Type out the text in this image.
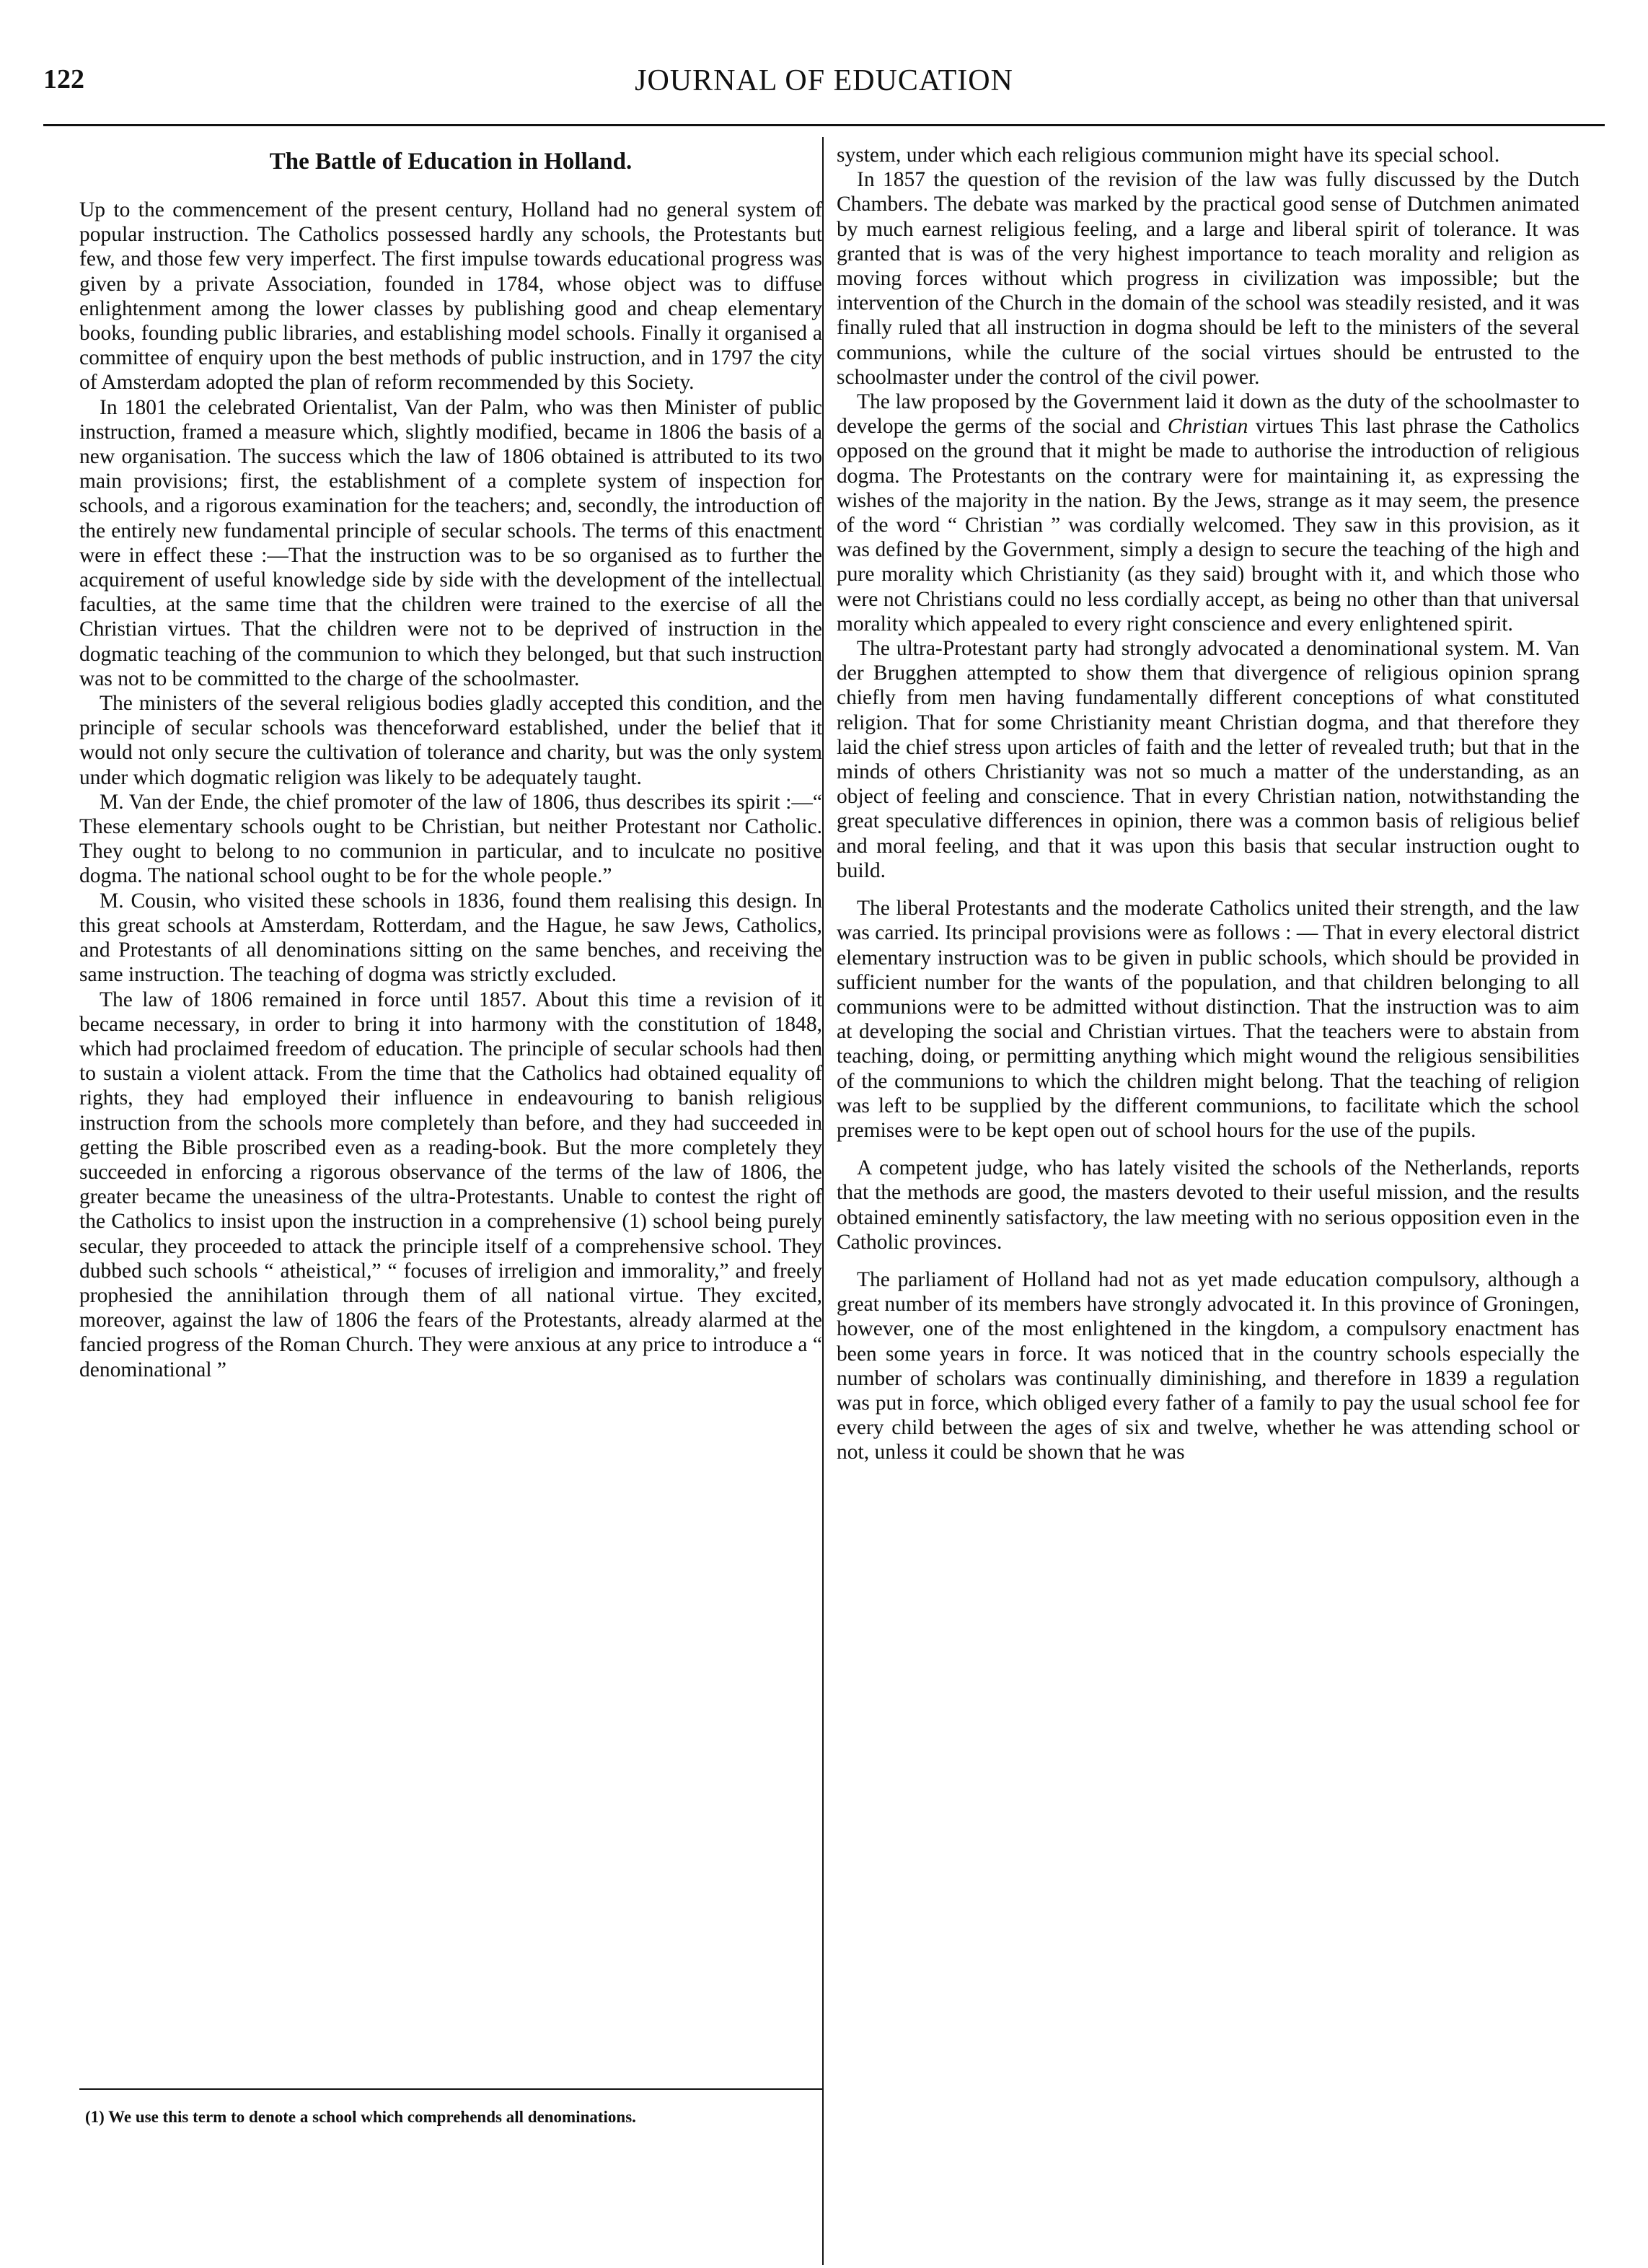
122	JOURNAL OF EDUCATION
The Battle of Education in Holland.

Up to the commencement of the present century, Holland had no general system of popular instruction. The Catholics possessed hardly any schools, the Protestants but few, and those few very imperfect. The first impulse towards educational progress was given by a private Association, founded in 1784, whose object was to diffuse enlightenment among the lower classes by publishing good and cheap elementary books, founding public libraries, and establishing model schools. Finally it organised a committee of enquiry upon the best methods of public instruction, and in 1797 the city of Amsterdam adopted the plan of reform recommended by this Society.

In 1801 the celebrated Orientalist, Van der Palm, who was then Minister of public instruction, framed a measure which, slightly modified, became in 1806 the basis of a new organisation. The success which the law of 1806 obtained is attributed to its two main provisions; first, the establishment of a complete system of inspection for schools, and a rigorous examination for the teachers; and, secondly, the introduction of the entirely new fundamental principle of secular schools. The terms of this enactment were in effect these :—That the instruction was to be so organised as to further the acquirement of useful knowledge side by side with the development of the intellectual faculties, at the same time that the children were trained to the exercise of all the Christian virtues. That the children were not to be deprived of instruction in the dogmatic teaching of the communion to which they belonged, but that such instruction was not to be committed to the charge of the schoolmaster.

The ministers of the several religious bodies gladly accepted this condition, and the principle of secular schools was thenceforward established, under the belief that it would not only secure the cultivation of tolerance and charity, but was the only system under which dogmatic religion was likely to be adequately taught.

M. Van der Ende, the chief promoter of the law of 1806, thus describes its spirit :—“ These elementary schools ought to be Christian, but neither Protestant nor Catholic. They ought to belong to no communion in particular, and to inculcate no positive dogma. The national school ought to be for the whole people.”

M. Cousin, who visited these schools in 1836, found them realising this design. In this great schools at Amsterdam, Rotterdam, and the Hague, he saw Jews, Catholics, and Protestants of all denominations sitting on the same benches, and receiving the same instruction. The teaching of dogma was strictly excluded.

The law of 1806 remained in force until 1857. About this time a revision of it became necessary, in order to bring it into harmony with the constitution of 1848, which had proclaimed freedom of education. The principle of secular schools had then to sustain a violent attack. From the time that the Catholics had obtained equality of rights, they had employed their influence in endeavouring to banish religious instruction from the schools more completely than before, and they had succeeded in getting the Bible proscribed even as a reading-book. But the more completely they succeeded in enforcing a rigorous observance of the terms of the law of 1806, the greater became the uneasiness of the ultra-Protestants. Unable to contest the right of the Catholics to insist upon the instruction in a comprehensive (1) school being purely secular, they proceeded to attack the principle itself of a comprehensive school. They dubbed such schools “ atheistical,” “ focuses of irreligion and immorality,” and freely prophesied the annihilation through them of all national virtue. They excited, moreover, against the law of 1806 the fears of the Protestants, already alarmed at the fancied progress of the Roman Church. They were anxious at any price to introduce a “ denominational ”

system, under which each religious communion might have its special school.

In 1857 the question of the revision of the law was fully discussed by the Dutch Chambers. The debate was marked by the practical good sense of Dutchmen animated by much earnest religious feeling, and a large and liberal spirit of tolerance. It was granted that is was of the very highest importance to teach morality and religion as moving forces without which progress in civilization was impossible; but the intervention of the Church in the domain of the school was steadily resisted, and it was finally ruled that all instruction in dogma should be left to the ministers of the several communions, while the culture of the social virtues should be entrusted to the schoolmaster under the control of the civil power.

The law proposed by the Government laid it down as the duty of the schoolmaster to develope the germs of the social and Christian virtues This last phrase the Catholics opposed on the ground that it might be made to authorise the introduction of religious dogma. The Protestants on the contrary were for maintaining it, as expressing the wishes of the majority in the nation. By the Jews, strange as it may seem, the presence of the word “ Christian ” was cordially welcomed. They saw in this provision, as it was defined by the Government, simply a design to secure the teaching of the high and pure morality which Christianity (as they said) brought with it, and which those who were not Christians could no less cordially accept, as being no other than that universal morality which appealed to every right conscience and every enlightened spirit.

The ultra-Protestant party had strongly advocated a denominational system. M. Van der Brugghen attempted to show them that divergence of religious opinion sprang chiefly from men having fundamentally different conceptions of what constituted religion. That for some Christianity meant Christian dogma, and that therefore they laid the chief stress upon articles of faith and the letter of revealed truth; but that in the minds of others Christianity was not so much a matter of the understanding, as an object of feeling and conscience. That in every Christian nation, notwithstanding the great speculative differences in opinion, there was a common basis of religious belief and moral feeling, and that it was upon this basis that secular instruction ought to build.

The liberal Protestants and the moderate Catholics united their strength, and the law was carried. Its principal provisions were as follows : — That in every electoral district elementary instruction was to be given in public schools, which should be provided in sufficient number for the wants of the population, and that children belonging to all communions were to be admitted without distinction. That the instruction was to aim at developing the social and Christian virtues. That the teachers were to abstain from teaching, doing, or permitting anything which might wound the religious sensibilities of the communions to which the children might belong. That the teaching of religion was left to be supplied by the different communions, to facilitate which the school premises were to be kept open out of school hours for the use of the pupils.

A competent judge, who has lately visited the schools of the Netherlands, reports that the methods are good, the masters devoted to their useful mission, and the results obtained eminently satisfactory, the law meeting with no serious opposition even in the Catholic provinces.

The parliament of Holland had not as yet made education compulsory, although a great number of its members have strongly advocated it. In this province of Groningen, however, one of the most enlightened in the kingdom, a compulsory enactment has been some years in force. It was noticed that in the country schools especially the number of scholars was continually diminishing, and therefore in 1839 a regulation was put in force, which obliged every father of a family to pay the usual school fee for every child between the ages of six and twelve, whether he was attending school or not, unless it could be shown that he was

(1) We use this term to denote a school which comprehends all denominations.
